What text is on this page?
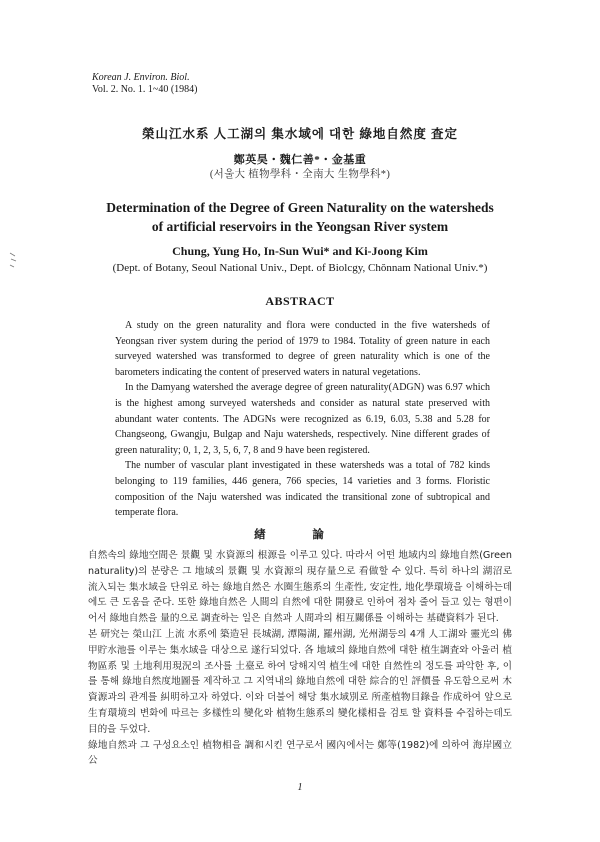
Korean J. Environ. Biol.
Vol. 2. No. 1. 1~40 (1984)
榮山江水系 人工湖의 集水域에 대한 綠地自然度 査定
鄭英昊・魏仁善*・金基重
(서울大 植物學科・全南大 生物學科*)
Determination of the Degree of Green Naturality on the watersheds
of artificial reservoirs in the Yeongsan River system
Chung, Yung Ho, In-Sun Wui* and Ki-Joong Kim
(Dept. of Botany, Seoul National Univ., Dept. of Biolcgy, Chŏnnam National Univ.*)
ABSTRACT

A study on the green naturality and flora were conducted in the five watersheds of Yeongsan river system during the period of 1979 to 1984. Totality of green nature in each surveyed watershed was transformed to degree of green naturality which is one of the barometers indicating the content of preserved waters in natural vegetations.

In the Damyang watershed the average degree of green naturality(ADGN) was 6.97 which is the highest among surveyed watersheds and consider as natural state preserved with abundant water contents. The ADGNs were recognized as 6.19, 6.03, 5.38 and 5.28 for Changseong, Gwangju, Bulgap and Naju watersheds, respectively. Nine different grades of green naturality; 0, 1, 2, 3, 5, 6, 7, 8 and 9 have been registered.

The number of vascular plant investigated in these watersheds was a total of 782 kinds belonging to 119 families, 446 genera, 766 species, 14 varieties and 3 forms. Floristic composition of the Naju watershed was indicated the transitional zone of subtropical and temperate flora.

緖 論

自然속의 綠地空間은 景觀 및 水資源의 根源을 이루고 있다. 따라서 어떤 地域内의 綠地自然(Green naturality)의 분량은 그 地域의 景觀 및 水資源의 現存量으로 看做할 수 있다. 특히 하나의 湖沼로 流入되는 集水域을 단위로 하는 綠地自然은 水圈生態系의 生產性, 安定性, 地化學環境을 이해하는데에도 큰 도움을 준다. 또한 綠地自然은 人間의 自然에 대한 開發로 인하여 점차 줄어 들고 있는 형편이어서 綠地自然을 量的으로 調査하는 일은 自然과 人間과의 相互關係를 이해하는 基礎資料가 된다.

본 研究는 榮山江 上流 水系에 築造된 長城湖, 潭陽湖, 羅州湖, 光州湖등의 4개 人工湖와 靈光의 佛甲貯水池를 이루는 集水域을 대상으로 遂行되었다. 各 地域의 綠地自然에 대한 植生調査와 아울러 植物區系 및 土地利用現況의 조사를 土臺로 하여 당해지역 植生에 대한 自然性의 정도를 파악한 후, 이를 통해 綠地自然度地圖를 제작하고 그 지역내의 綠地自然에 대한 綜合的인 評價를 유도함으로써 木資源과의 관계를 糾明하고자 하였다. 이와 더불어 해당 集水域別로 所產植物目錄을 作成하여 앞으로 生育環境의 변화에 따르는 多樣性의 變化와 植物生態系의 變化樣相을 검토 할 資料를 수집하는데도 目的을 두었다.

綠地自然과 그 구성요소인 植物相을 調和시킨 연구로서 國內에서는 鄭等(1982)에 의하여 海岸國立公

1
